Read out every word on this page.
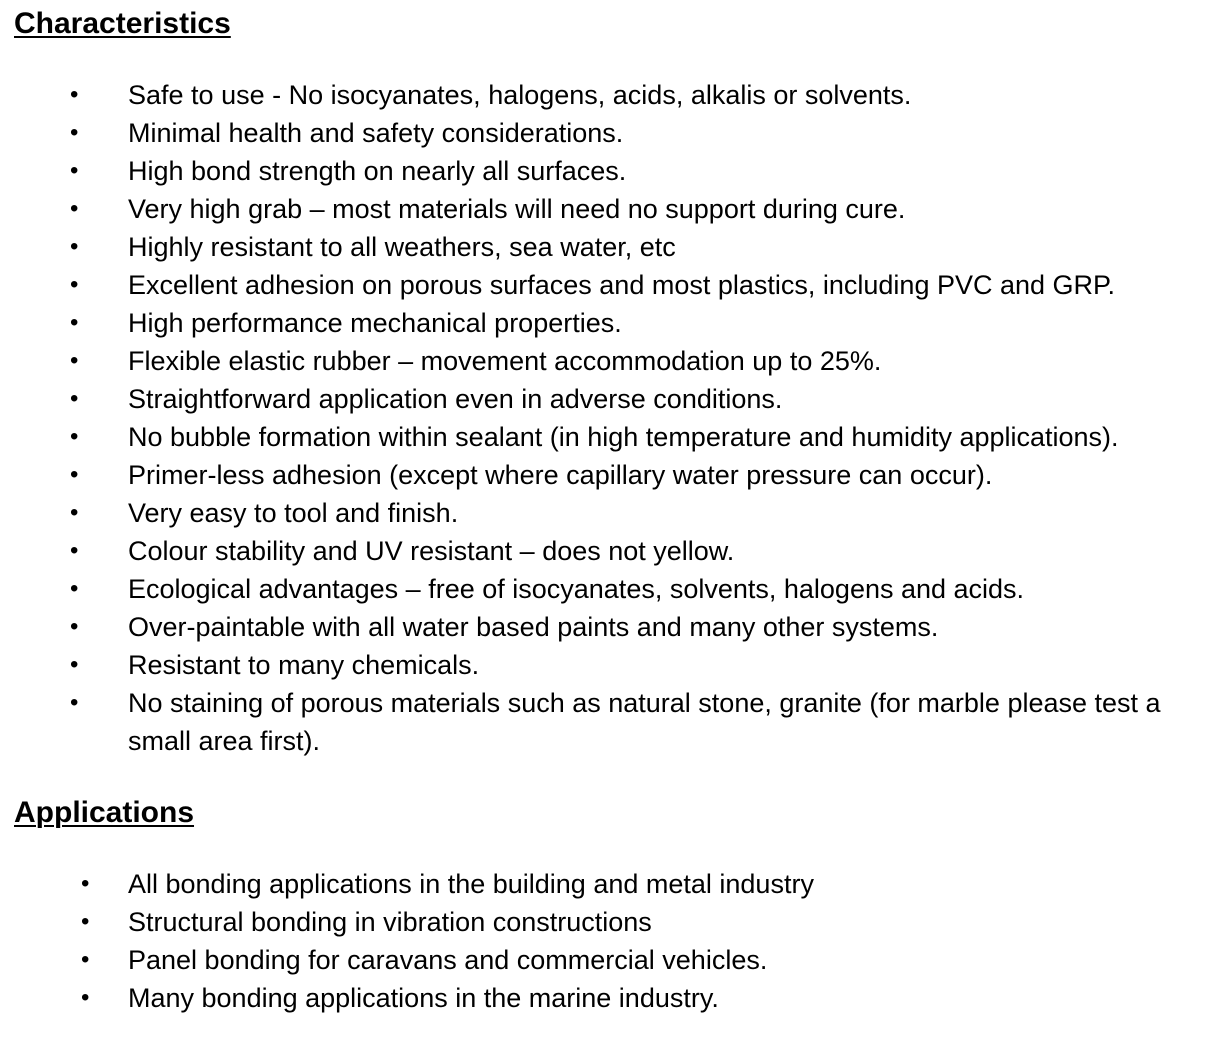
Characteristics
• Safe to use - No isocyanates, halogens, acids, alkalis or solvents.
• Minimal health and safety considerations.
• High bond strength on nearly all surfaces.
• Very high grab – most materials will need no support during cure.
• Highly resistant to all weathers, sea water, etc
• Excellent adhesion on porous surfaces and most plastics, including PVC and GRP.
• High performance mechanical properties.
• Flexible elastic rubber – movement accommodation up to 25%.
• Straightforward application even in adverse conditions.
• No bubble formation within sealant (in high temperature and humidity applications).
• Primer-less adhesion (except where capillary water pressure can occur).
• Very easy to tool and finish.
• Colour stability and UV resistant – does not yellow.
• Ecological advantages – free of isocyanates, solvents, halogens and acids.
• Over-paintable with all water based paints and many other systems.
• Resistant to many chemicals.
• No staining of porous materials such as natural stone, granite (for marble please test a small area first).
Applications
• All bonding applications in the building and metal industry
• Structural bonding in vibration constructions
• Panel bonding for caravans and commercial vehicles.
• Many bonding applications in the marine industry.
